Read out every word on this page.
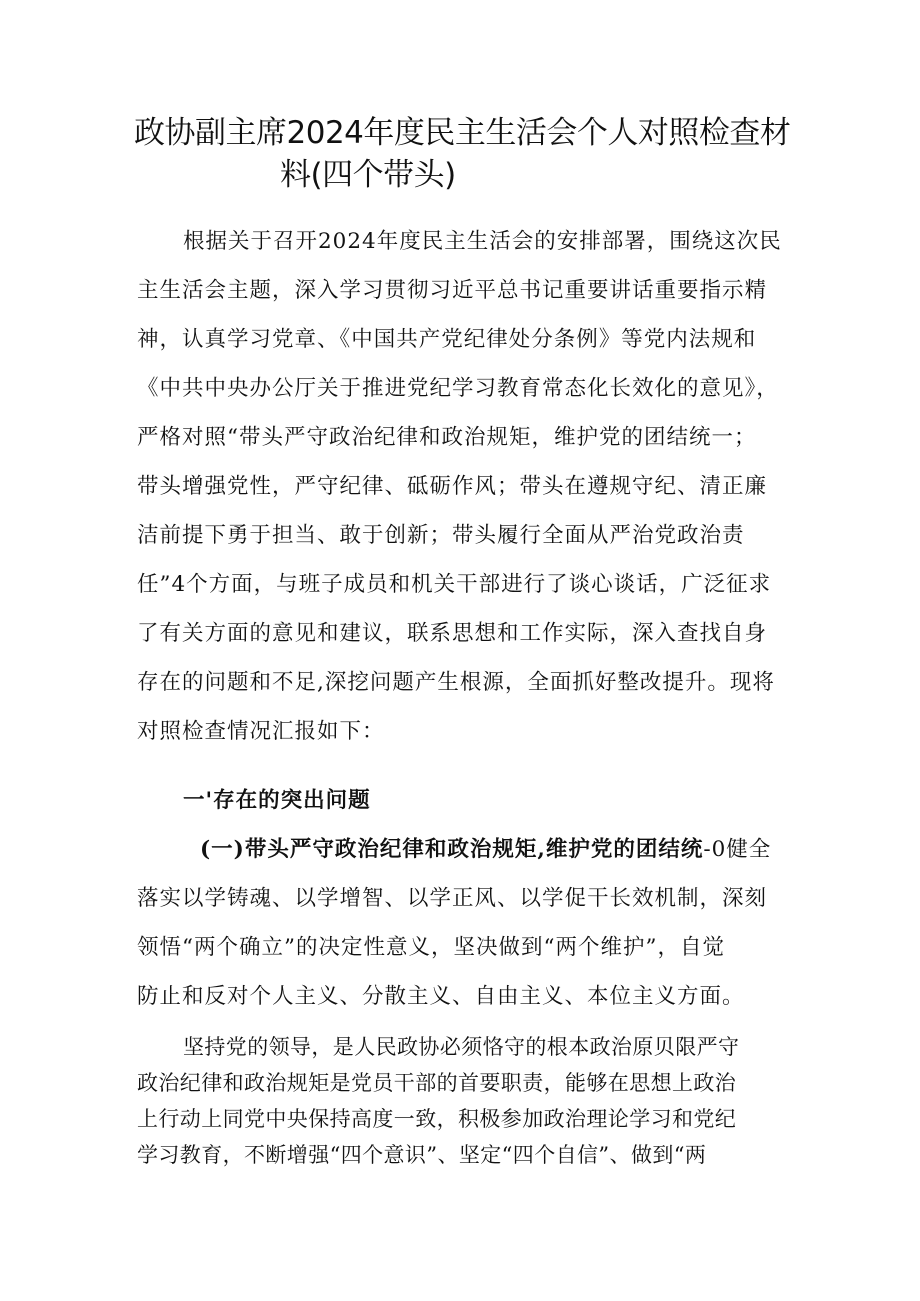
政协副主席2024年度民主生活会个人对照检查材
料(四个带头)
根据关于召开2024年度民主生活会的安排部署，围绕这次民
主生活会主题，深入学习贯彻习近平总书记重要讲话重要指示精
神，认真学习党章、《中国共产党纪律处分条例》等党内法规和
《中共中央办公厅关于推进党纪学习教育常态化长效化的意见》，
严格对照“带头严守政治纪律和政治规矩，维护党的团结统一；
带头增强党性，严守纪律、砥砺作风；带头在遵规守纪、清正廉
洁前提下勇于担当、敢于创新；带头履行全面从严治党政治责
任”4个方面，与班子成员和机关干部进行了谈心谈话，广泛征求
了有关方面的意见和建议，联系思想和工作实际，深入查找自身
存在的问题和不足,深挖问题产生根源，全面抓好整改提升。现将
对照检查情况汇报如下：
一'存在的突出问题
(一)带头严守政治纪律和政治规矩,维护党的团结统-0健全
落实以学铸魂、以学增智、以学正风、以学促干长效机制，深刻
领悟“两个确立”的决定性意义，坚决做到“两个维护”，自觉
防止和反对个人主义、分散主义、自由主义、本位主义方面。
坚持党的领导，是人民政协必须恪守的根本政治原贝限严守
政治纪律和政治规矩是党员干部的首要职责，能够在思想上政治
上行动上同党中央保持高度一致，积极参加政治理论学习和党纪
学习教育，不断增强“四个意识”、坚定“四个自信”、做到“两
